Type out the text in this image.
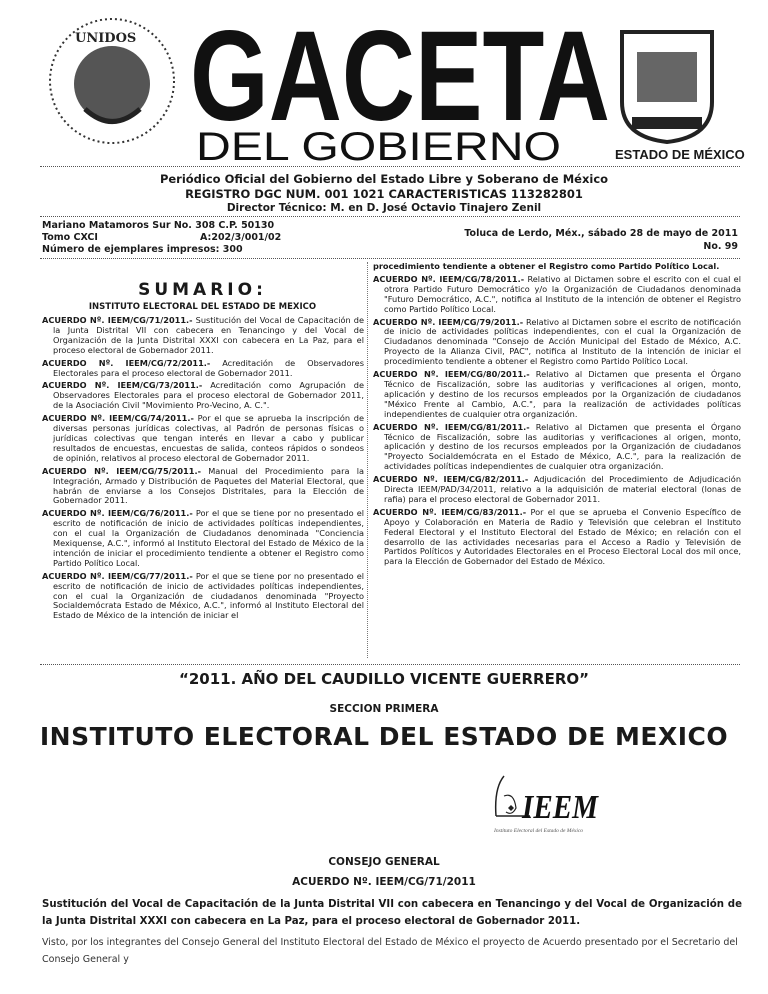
UNIDOS GACETA
DEL GOBIERNO	ESTADO DE MÉXICO
Periódico Oficial del Gobierno del Estado Libre y Soberano de México
REGISTRO DGC NUM. 001 1021 CARACTERISTICAS 113282801
Director Técnico: M. en D. José Octavio Tinajero Zenil
Mariano Matamoros Sur No. 308 C.P. 50130
Tomo CXCI	A:202/3/001/02
Número de ejemplares impresos: 300
Toluca de Lerdo, Méx., sábado 28 de mayo de 2011
No. 99
SUMARIO:
INSTITUTO ELECTORAL DEL ESTADO DE MEXICO
ACUERDO Nº. IEEM/CG/71/2011.- Sustitución del Vocal de Capacitación de la Junta Distrital VII con cabecera en Tenancingo y del Vocal de Organización de la Junta Distrital XXXI con cabecera en La Paz, para el proceso electoral de Gobernador 2011.
ACUERDO Nº. IEEM/CG/72/2011.- Acreditación de Observadores Electorales para el proceso electoral de Gobernador 2011.
ACUERDO Nº. IEEM/CG/73/2011.- Acreditación como Agrupación de Observadores Electorales para el proceso electoral de Gobernador 2011, de la Asociación Civil "Movimiento Pro-Vecino, A. C.".
ACUERDO Nº. IEEM/CG/74/2011.- Por el que se aprueba la inscripción de diversas personas jurídicas colectivas, al Padrón de personas físicas o jurídicas colectivas que tengan interés en llevar a cabo y publicar resultados de encuestas, encuestas de salida, conteos rápidos o sondeos de opinión, relativos al proceso electoral de Gobernador 2011.
ACUERDO Nº. IEEM/CG/75/2011.- Manual del Procedimiento para la Integración, Armado y Distribución de Paquetes del Material Electoral, que habrán de enviarse a los Consejos Distritales, para la Elección de Gobernador 2011.
ACUERDO Nº. IEEM/CG/76/2011.- Por el que se tiene por no presentado el escrito de notificación de inicio de actividades políticas independientes, con el cual la Organización de Ciudadanos denominada "Conciencia Mexiquense, A.C.", informó al Instituto Electoral del Estado de México de la intención de iniciar el procedimiento tendiente a obtener el Registro como Partido Político Local.
ACUERDO Nº. IEEM/CG/77/2011.- Por el que se tiene por no presentado el escrito de notificación de inicio de actividades políticas independientes, con el cual la Organización de ciudadanos denominada "Proyecto Socialdemócrata Estado de México, A.C.", informó al Instituto Electoral del Estado de México de la intención de iniciar el
procedimiento tendiente a obtener el Registro como Partido Político Local.
ACUERDO Nº. IEEM/CG/78/2011.- Relativo al Dictamen sobre el escrito con el cual el otrora Partido Futuro Democrático y/o la Organización de Ciudadanos denominada "Futuro Democrático, A.C.", notifica al Instituto de la intención de obtener el Registro como Partido Político Local.
ACUERDO Nº. IEEM/CG/79/2011.- Relativo al Dictamen sobre el escrito de notificación de inicio de actividades políticas independientes, con el cual la Organización de Ciudadanos denominada "Consejo de Acción Municipal del Estado de México, A.C. Proyecto de la Alianza Civil, PAC", notifica al Instituto de la intención de iniciar el procedimiento tendiente a obtener el Registro como Partido Político Local.
ACUERDO Nº. IEEM/CG/80/2011.- Relativo al Dictamen que presenta el Órgano Técnico de Fiscalización, sobre las auditorias y verificaciones al origen, monto, aplicación y destino de los recursos empleados por la Organización de ciudadanos "México Frente al Cambio, A.C.", para la realización de actividades políticas independientes de cualquier otra organización.
ACUERDO Nº. IEEM/CG/81/2011.- Relativo al Dictamen que presenta el Órgano Técnico de Fiscalización, sobre las auditorias y verificaciones al origen, monto, aplicación y destino de los recursos empleados por la Organización de ciudadanos "Proyecto Socialdemócrata en el Estado de México, A.C.", para la realización de actividades políticas independientes de cualquier otra organización.
ACUERDO Nº. IEEM/CG/82/2011.- Adjudicación del Procedimiento de Adjudicación Directa IEEM/PAD/34/2011, relativo a la adquisición de material electoral (lonas de rafia) para el proceso electoral de Gobernador 2011.
ACUERDO Nº. IEEM/CG/83/2011.- Por el que se aprueba el Convenio Específico de Apoyo y Colaboración en Materia de Radio y Televisión que celebran el Instituto Federal Electoral y el Instituto Electoral del Estado de México; en relación con el desarrollo de las actividades necesarias para el Acceso a Radio y Televisión de Partidos Políticos y Autoridades Electorales en el Proceso Electoral Local dos mil once, para la Elección de Gobernador del Estado de México.
“2011. AÑO DEL CAUDILLO VICENTE GUERRERO”
SECCION PRIMERA
INSTITUTO ELECTORAL DEL ESTADO DE MEXICO
IEEM
Instituto Electoral del Estado de México
CONSEJO GENERAL
ACUERDO Nº. IEEM/CG/71/2011
Sustitución del Vocal de Capacitación de la Junta Distrital VII con cabecera en Tenancingo y del Vocal de Organización de la Junta Distrital XXXI con cabecera en La Paz, para el proceso electoral de Gobernador 2011.
Visto, por los integrantes del Consejo General del Instituto Electoral del Estado de México el proyecto de Acuerdo presentado por el Secretario del Consejo General y
